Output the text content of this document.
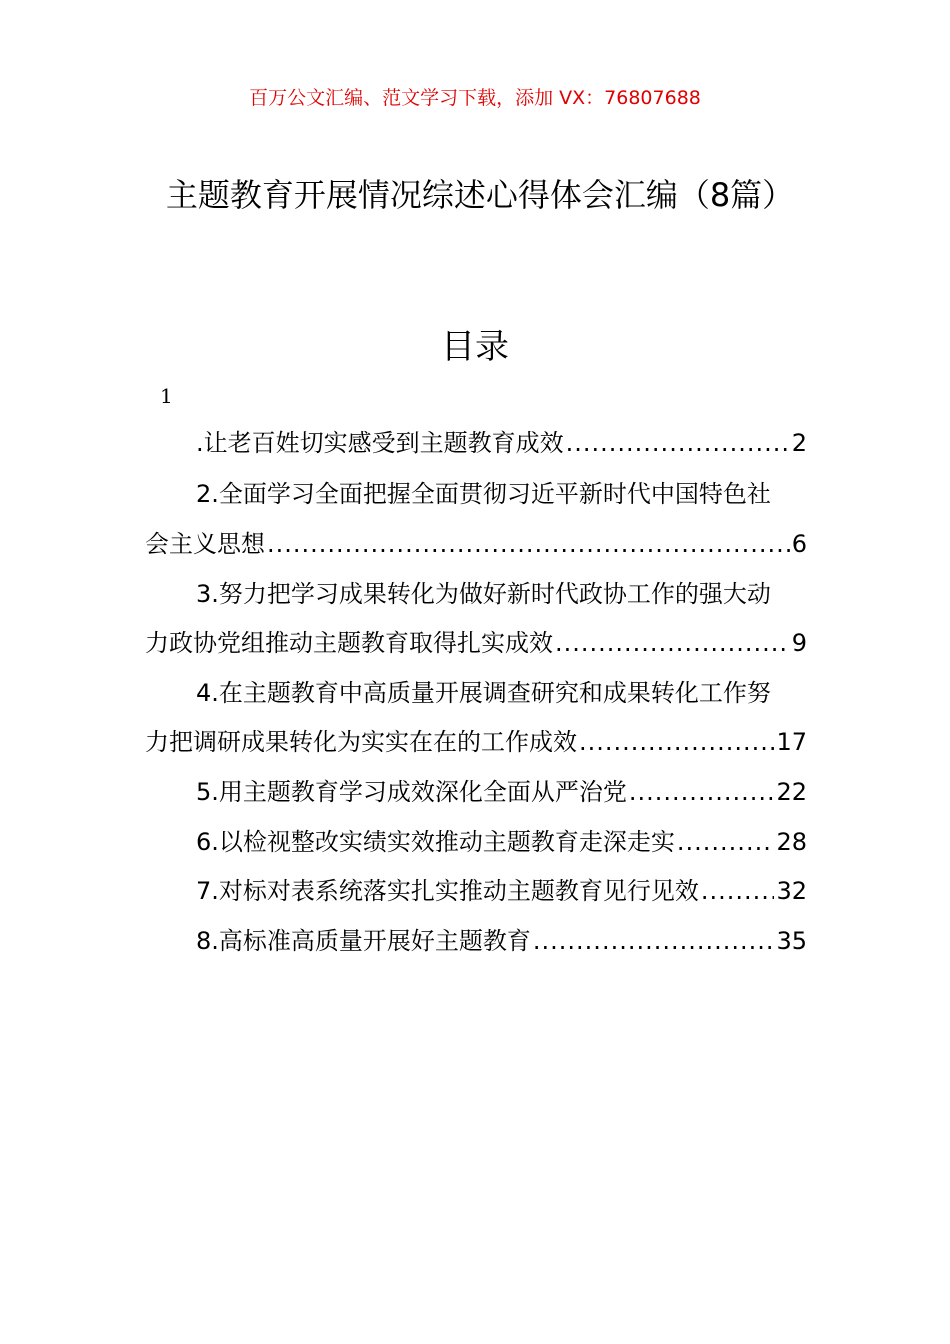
百万公文汇编、范文学习下载，添加 VX：76807688
主题教育开展情况综述心得体会汇编（8篇）
目录
1
.让老百姓切实感受到主题教育成效 .....	2
2.全面学习全面把握全面贯彻习近平新时代中国特色社
会主义思想 .....	6
3.努力把学习成果转化为做好新时代政协工作的强大动
力政协党组推动主题教育取得扎实成效 .....	9
4.在主题教育中高质量开展调查研究和成果转化工作努
力把调研成果转化为实实在在的工作成效 .....	17
5.用主题教育学习成效深化全面从严治党 .....	22
6.以检视整改实绩实效推动主题教育走深走实 .....	28
7.对标对表系统落实扎实推动主题教育见行见效 .....	32
8.高标准高质量开展好主题教育 .....	35
